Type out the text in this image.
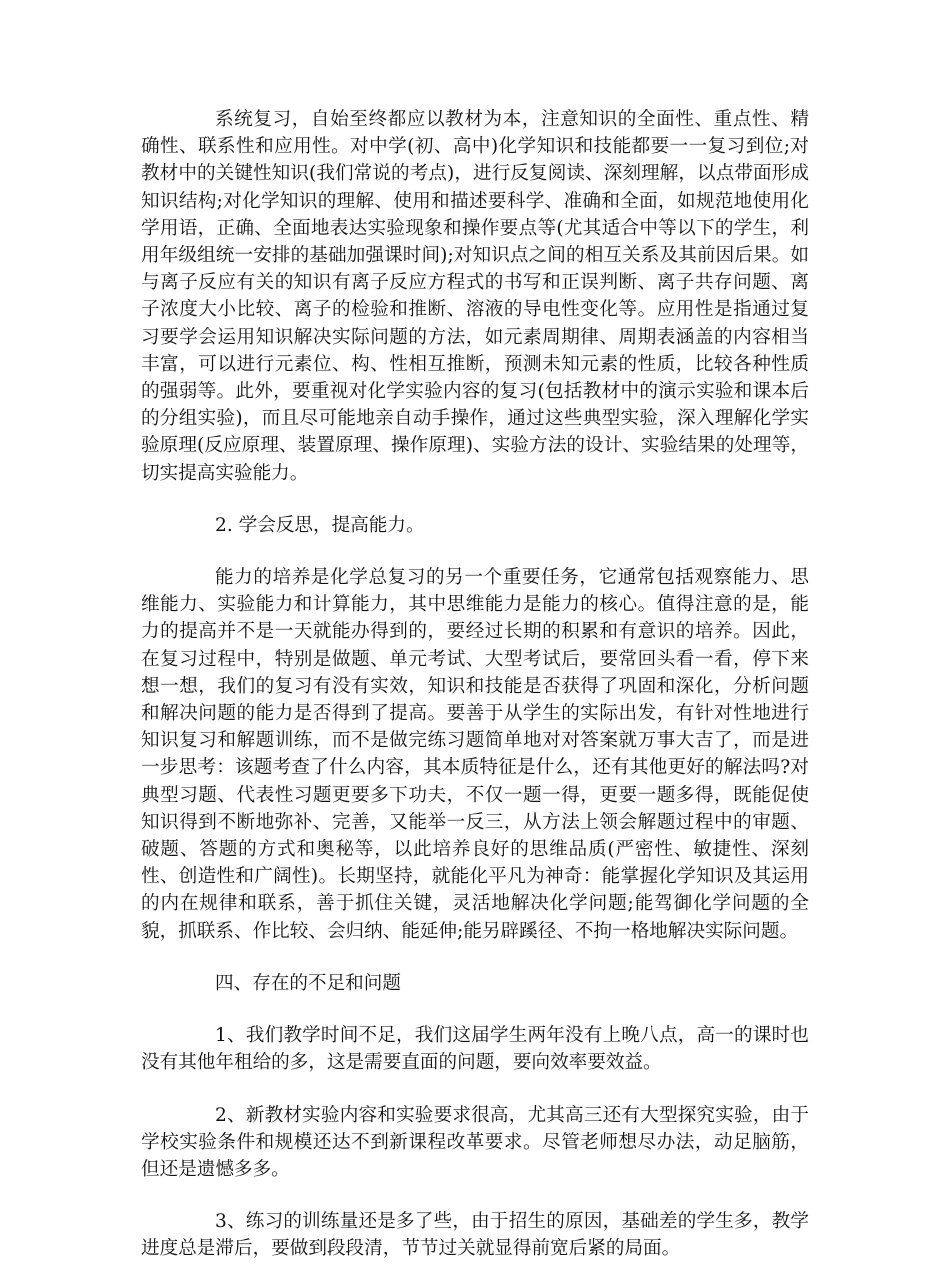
系统复习，自始至终都应以教材为本，注意知识的全面性、重点性、精确性、联系性和应用性。对中学(初、高中)化学知识和技能都要一一复习到位;对教材中的关键性知识(我们常说的考点)，进行反复阅读、深刻理解，以点带面形成知识结构;对化学知识的理解、使用和描述要科学、准确和全面，如规范地使用化学用语，正确、全面地表达实验现象和操作要点等(尤其适合中等以下的学生，利用年级组统一安排的基础加强课时间);对知识点之间的相互关系及其前因后果。如与离子反应有关的知识有离子反应方程式的书写和正误判断、离子共存问题、离子浓度大小比较、离子的检验和推断、溶液的导电性变化等。应用性是指通过复习要学会运用知识解决实际问题的方法，如元素周期律、周期表涵盖的内容相当丰富，可以进行元素位、构、性相互推断，预测未知元素的性质，比较各种性质的强弱等。此外，要重视对化学实验内容的复习(包括教材中的演示实验和课本后的分组实验)，而且尽可能地亲自动手操作，通过这些典型实验，深入理解化学实验原理(反应原理、装置原理、操作原理)、实验方法的设计、实验结果的处理等，切实提高实验能力。

2. 学会反思，提高能力。

能力的培养是化学总复习的另一个重要任务，它通常包括观察能力、思维能力、实验能力和计算能力，其中思维能力是能力的核心。值得注意的是，能力的提高并不是一天就能办得到的，要经过长期的积累和有意识的培养。因此，在复习过程中，特别是做题、单元考试、大型考试后，要常回头看一看，停下来想一想，我们的复习有没有实效，知识和技能是否获得了巩固和深化，分析问题和解决问题的能力是否得到了提高。要善于从学生的实际出发，有针对性地进行知识复习和解题训练，而不是做完练习题简单地对对答案就万事大吉了，而是进一步思考：该题考查了什么内容，其本质特征是什么，还有其他更好的解法吗?对典型习题、代表性习题更要多下功夫，不仅一题一得，更要一题多得，既能促使知识得到不断地弥补、完善，又能举一反三，从方法上领会解题过程中的审题、破题、答题的方式和奥秘等，以此培养良好的思维品质(严密性、敏捷性、深刻性、创造性和广阔性)。长期坚持，就能化平凡为神奇：能掌握化学知识及其运用的内在规律和联系，善于抓住关键，灵活地解决化学问题;能驾御化学问题的全貌，抓联系、作比较、会归纳、能延伸;能另辟蹊径、不拘一格地解决实际问题。

四、存在的不足和问题

1、我们教学时间不足，我们这届学生两年没有上晚八点，高一的课时也没有其他年租给的多，这是需要直面的问题，要向效率要效益。

2、新教材实验内容和实验要求很高，尤其高三还有大型探究实验，由于学校实验条件和规模还达不到新课程改革要求。尽管老师想尽办法，动足脑筋，但还是遗憾多多。

3、练习的训练量还是多了些，由于招生的原因，基础差的学生多，教学进度总是滞后，要做到段段清，节节过关就显得前宽后紧的局面。
